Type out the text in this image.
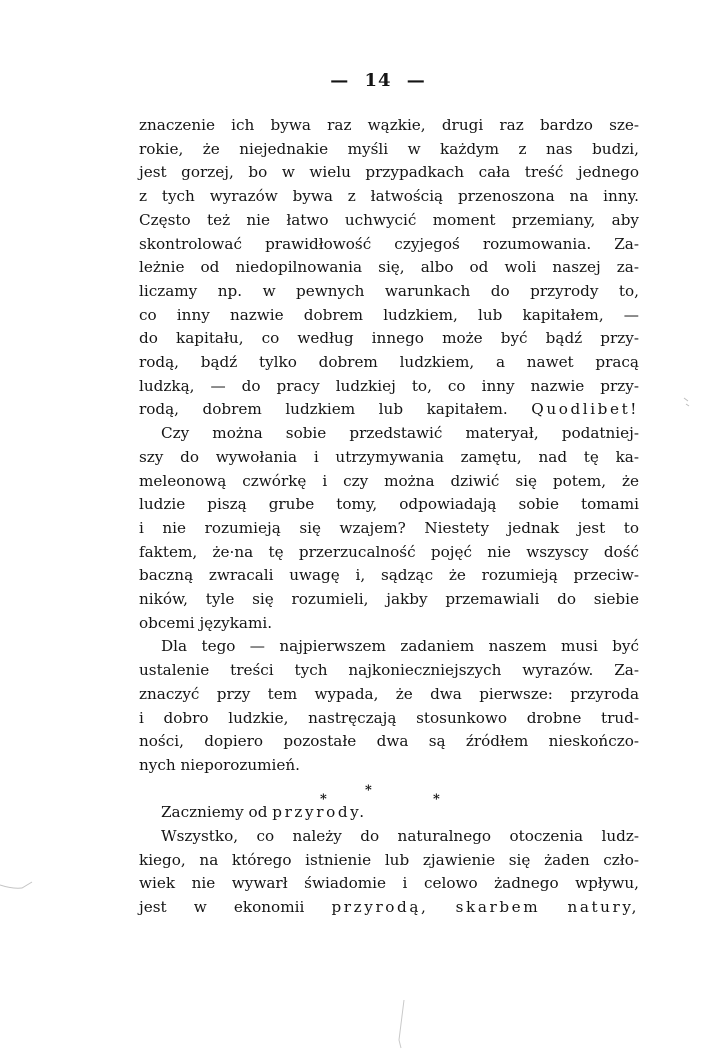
— 14 —
znaczenie ich bywa raz wązkie, drugi raz bardzo sze-
rokie, że niejednakie myśli w każdym z nas budzi,
jest gorzej, bo w wielu przypadkach cała treść jednego
z tych wyrazów bywa z łatwością przenoszona na inny.
Często też nie łatwo uchwycić moment przemiany, aby
skontrolować prawidłowość czyjegoś rozumowania. Za-
leżnie od niedopilnowania się, albo od woli naszej za-
liczamy np. w pewnych warunkach do przyrody to,
co inny nazwie dobrem ludzkiem, lub kapitałem, —
do kapitału, co według innego może być bądź przy-
rodą, bądź tylko dobrem ludzkiem, a nawet pracą
ludzką, — do pracy ludzkiej to, co inny nazwie przy-
rodą, dobrem ludzkiem lub kapitałem. Quodlibet!
Czy można sobie przedstawić materyał, podatniej-
szy do wywołania i utrzymywania zamętu, nad tę ka-
meleonową czwórkę i czy można dziwić się potem, że
ludzie piszą grube tomy, odpowiadają sobie tomami
i nie rozumieją się wzajem? Niestety jednak jest to
faktem, że·na tę przerzucalność pojęć nie wszyscy dość
baczną zwracali uwagę i, sądząc że rozumieją przeciw-
ników, tyle się rozumieli, jakby przemawiali do siebie
obcemi językami.
Dla tego — najpierwszem zadaniem naszem musi być
ustalenie treści tych najkonieczniejszych wyrazów. Za-
znaczyć przy tem wypada, że dwa pierwsze: przyroda
i dobro ludzkie, nastręczają stosunkowo drobne trud-
ności, dopiero pozostałe dwa są źródłem nieskończo-
nych nieporozumień.
*
*
*
Zaczniemy od przyrody.
Wszystko, co należy do naturalnego otoczenia ludz-
kiego, na którego istnienie lub zjawienie się żaden czło-
wiek nie wywarł świadomie i celowo żadnego wpływu,
jest w ekonomii przyrodą, skarbem natury,
